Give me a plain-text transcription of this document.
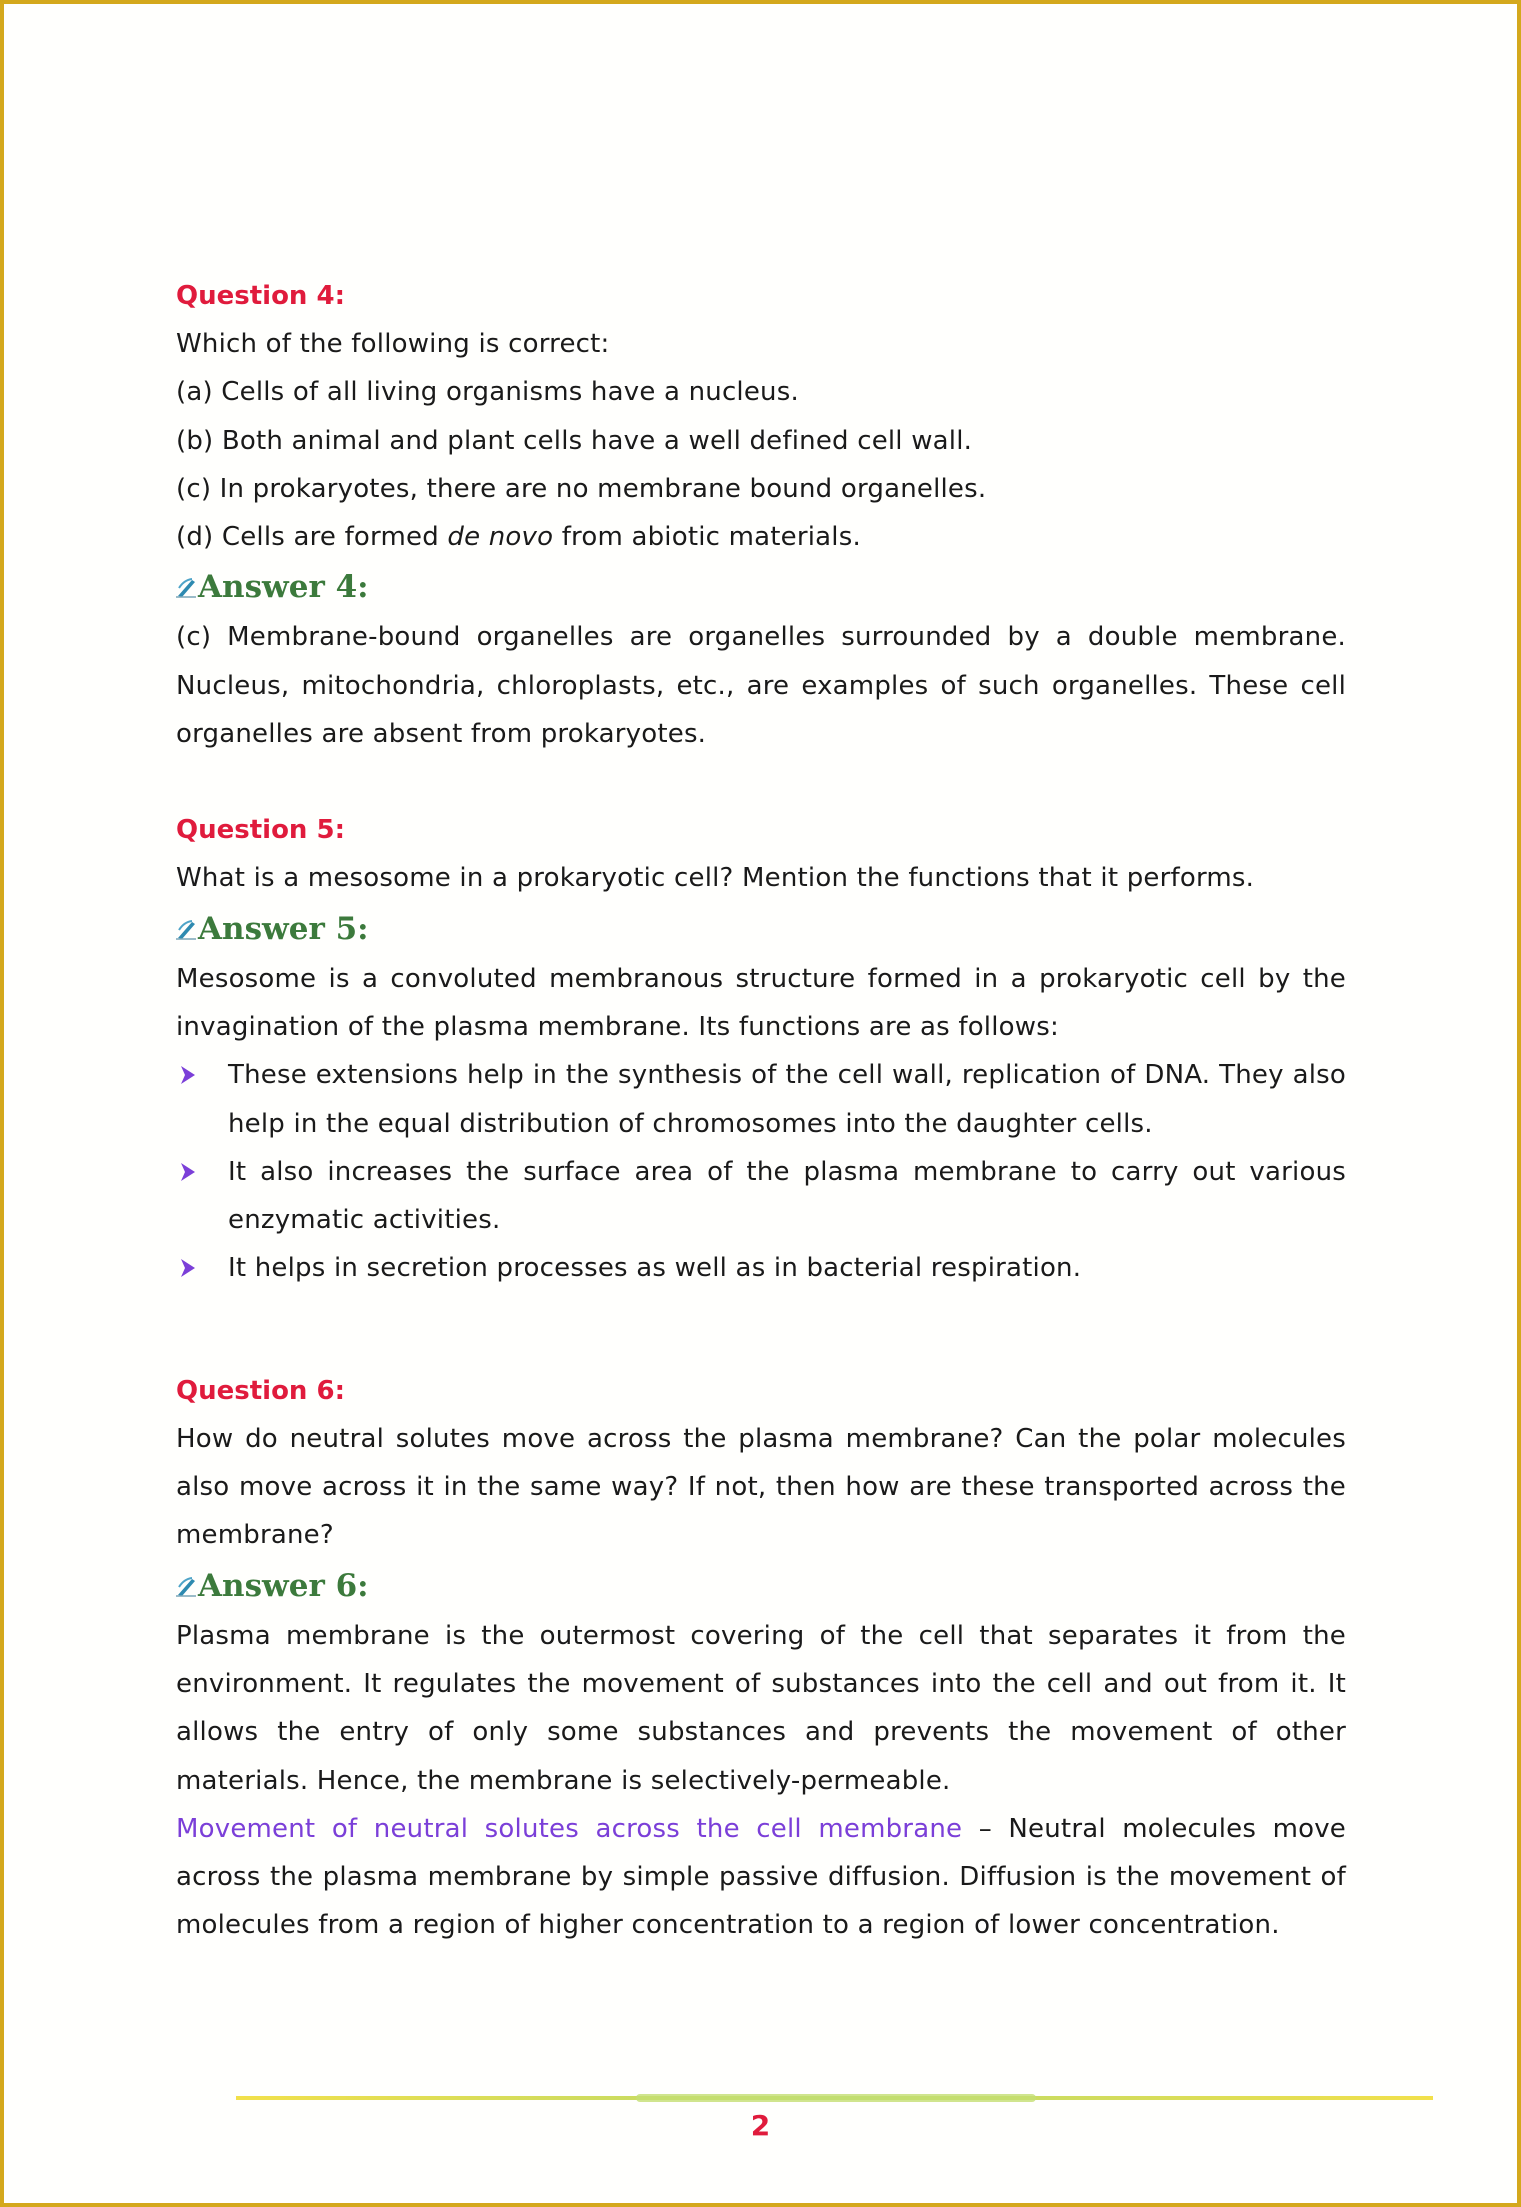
Question 4:

Which of the following is correct:

(a) Cells of all living organisms have a nucleus.

(b) Both animal and plant cells have a well defined cell wall.

(c) In prokaryotes, there are no membrane bound organelles.

(d) Cells are formed de novo from abiotic materials.

Answer 4:

(c) Membrane-bound organelles are organelles surrounded by a double membrane. Nucleus, mitochondria, chloroplasts, etc., are examples of such organelles. These cell organelles are absent from prokaryotes.

Question 5:

What is a mesosome in a prokaryotic cell? Mention the functions that it performs.

Answer 5:

Mesosome is a convoluted membranous structure formed in a prokaryotic cell by the invagination of the plasma membrane. Its functions are as follows:

These extensions help in the synthesis of the cell wall, replication of DNA. They also help in the equal distribution of chromosomes into the daughter cells.
It also increases the surface area of the plasma membrane to carry out various enzymatic activities.
It helps in secretion processes as well as in bacterial respiration.

Question 6:

How do neutral solutes move across the plasma membrane? Can the polar molecules also move across it in the same way? If not, then how are these transported across the membrane?

Answer 6:

Plasma membrane is the outermost covering of the cell that separates it from the environment. It regulates the movement of substances into the cell and out from it. It allows the entry of only some substances and prevents the movement of other materials. Hence, the membrane is selectively-permeable.

Movement of neutral solutes across the cell membrane – Neutral molecules move across the plasma membrane by simple passive diffusion. Diffusion is the movement of molecules from a region of higher concentration to a region of lower concentration.

2
